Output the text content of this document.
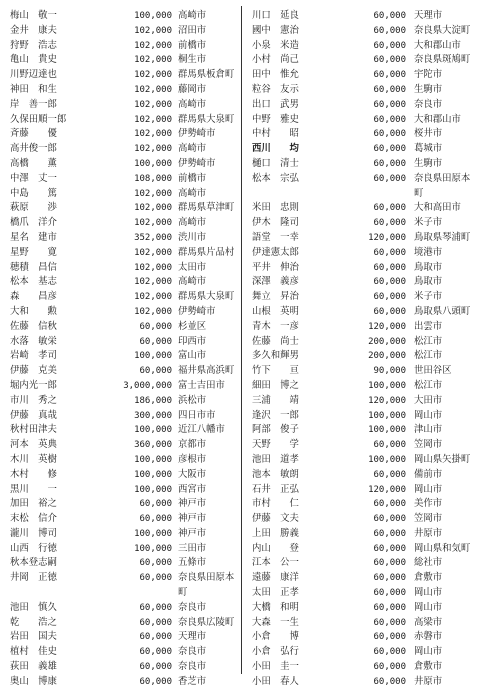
梅山　敬一	100,000 高崎市
金井　康夫	102,000 沼田市
狩野　浩志	102,000 前橋市
亀山　貴史	102,000 桐生市
川野辺達也	102,000 群馬県板倉町
神田　和生	102,000 藤岡市
岸　善一郎	102,000 高崎市
久保田順一郎	102,000 群馬県大泉町
斉藤　　優	102,000 伊勢崎市
高井俊一郎	102,000 高崎市
高橋　　薫	100,000 伊勢崎市
中澤　丈一	108,000 前橋市
中島　　篤	102,000 高崎市
萩原　　渉	102,000 群馬県草津町
橋爪　洋介	102,000 高崎市
星名　建市	352,000 渋川市
星野　　寛	102,000 群馬県片品村
穂積　昌信	102,000 太田市
松本　基志	102,000 高崎市
森　　昌彦	102,000 群馬県大泉町
大和　　勲	102,000 伊勢崎市
佐藤　信秋	60,000 杉並区
水落　敏栄	60,000 印西市
岩崎　孝司	100,000 富山市
伊藤　克美	60,000 福井県高浜町
堀内光一郎	3,000,000 富士吉田市
市川　秀之	186,000 浜松市
伊藤　真哉	300,000 四日市市
秋村田津夫	100,000 近江八幡市
河本　英典	360,000 京都市
木川　英樹	100,000 彦根市
木村　　修	100,000 大阪市
黒川　　一	100,000 西宮市
加田　裕之	60,000 神戸市
末松　信介	60,000 神戸市
瀧川　博司	100,000 神戸市
山西　行徳	100,000 三田市
秋本登志嗣	60,000 五條市
井岡　正徳	60,000 奈良県田原本
町
池田　慎久	60,000 奈良市
乾　　浩之	60,000 奈良県広陵町
岩田　国夫	60,000 天理市
植村　佳史	60,000 奈良市
荻田　義雄	60,000 奈良市
奥山　博康	60,000 香芝市
川口　延良	60,000 天理市
國中　憲治	60,000 奈良県大淀町
小泉　米造	60,000 大和郡山市
小村　尚己	60,000 奈良県斑鳩町
田中　惟允	60,000 宇陀市
粒谷　友示	60,000 生駒市
出口　武男	60,000 奈良市
中野　雅史	60,000 大和郡山市
中村　　昭	60,000 桜井市
西川　　均	60,000 葛城市
樋口　清士	60,000 生駒市
松本　宗弘	60,000 奈良県田原本
町
米田　忠則	60,000 大和高田市
伊木　隆司	60,000 米子市
語堂　一幸	120,000 鳥取県琴浦町
伊達憲太郎	60,000 境港市
平井　伸治	60,000 鳥取市
深澤　義彦	60,000 鳥取市
舞立　昇治	60,000 米子市
山根　英明	60,000 鳥取県八頭町
青木　一彦	120,000 出雲市
佐藤　尚士	200,000 松江市
多久和輝男	200,000 松江市
竹下　　亘	90,000 世田谷区
細田　博之	100,000 松江市
三浦　　靖	120,000 大田市
逢沢　一郎	100,000 岡山市
阿部　俊子	100,000 津山市
天野　　学	60,000 笠岡市
池田　道孝	100,000 岡山県矢掛町
池本　敏朗	60,000 備前市
石井　正弘	120,000 岡山市
市村　　仁	60,000 美作市
伊藤　文夫	60,000 笠岡市
上田　勝義	60,000 井原市
内山　　登	60,000 岡山県和気町
江本　公一	60,000 総社市
遠藤　康洋	60,000 倉敷市
太田　正孝	60,000 岡山市
大橋　和明	60,000 岡山市
大森　一生	60,000 高梁市
小倉　　博	60,000 赤磐市
小倉　弘行	60,000 岡山市
小田　圭一	60,000 倉敷市
小田　春人	60,000 井原市
